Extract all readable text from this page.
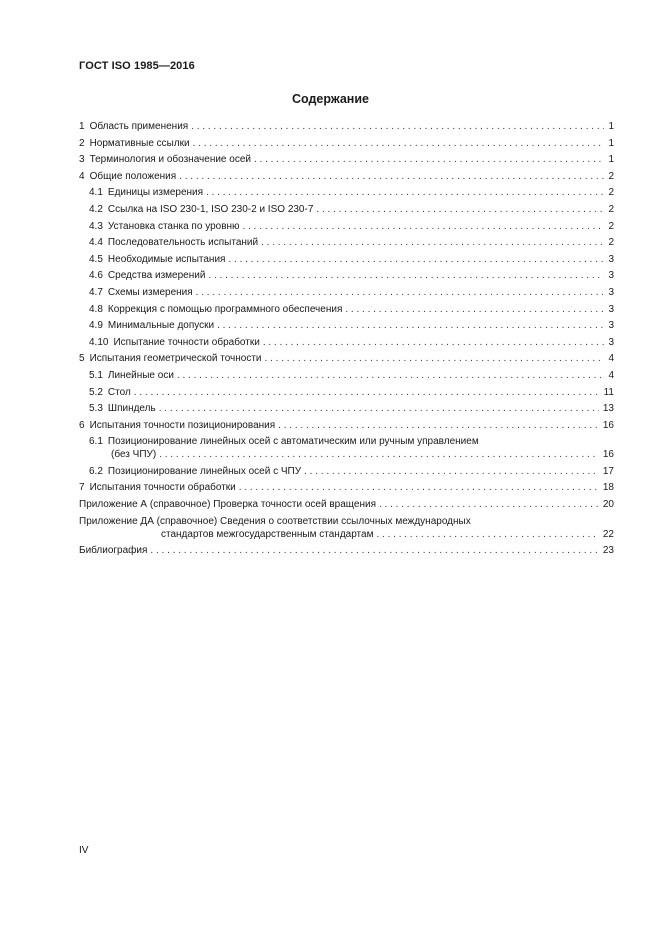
ГОСТ ISO 1985—2016
Содержание
1 Область применения . . .	1
2 Нормативные ссылки . . .	1
3 Терминология и обозначение осей . . .	1
4 Общие положения . . .	2
4.1 Единицы измерения . . .	2
4.2 Ссылка на ISO 230-1, ISO 230-2 и ISO 230-7 . . .	2
4.3 Установка станка по уровню . . .	2
4.4 Последовательность испытаний . . .	2
4.5 Необходимые испытания . . .	3
4.6 Средства измерений . . .	3
4.7 Схемы измерения . . .	3
4.8 Коррекция с помощью программного обеспечения . . .	3
4.9 Минимальные допуски . . .	3
4.10 Испытание точности обработки . . .	3
5 Испытания геометрической точности . . .	4
5.1 Линейные оси . . .	4
5.2 Стол . . .	11
5.3 Шпиндель . . .	13
6 Испытания точности позиционирования . . .	16
6.1 Позиционирование линейных осей с автоматическим или ручным управлением
(без ЧПУ) . . .	16
6.2 Позиционирование линейных осей с ЧПУ . . .	17
7 Испытания точности обработки . . .	18
Приложение А (справочное) Проверка точности осей вращения . . .	20
Приложение ДА (справочное) Сведения о соответствии ссылочных международных
стандартов межгосударственным стандартам . . .	22
Библиография . . .	23
IV
